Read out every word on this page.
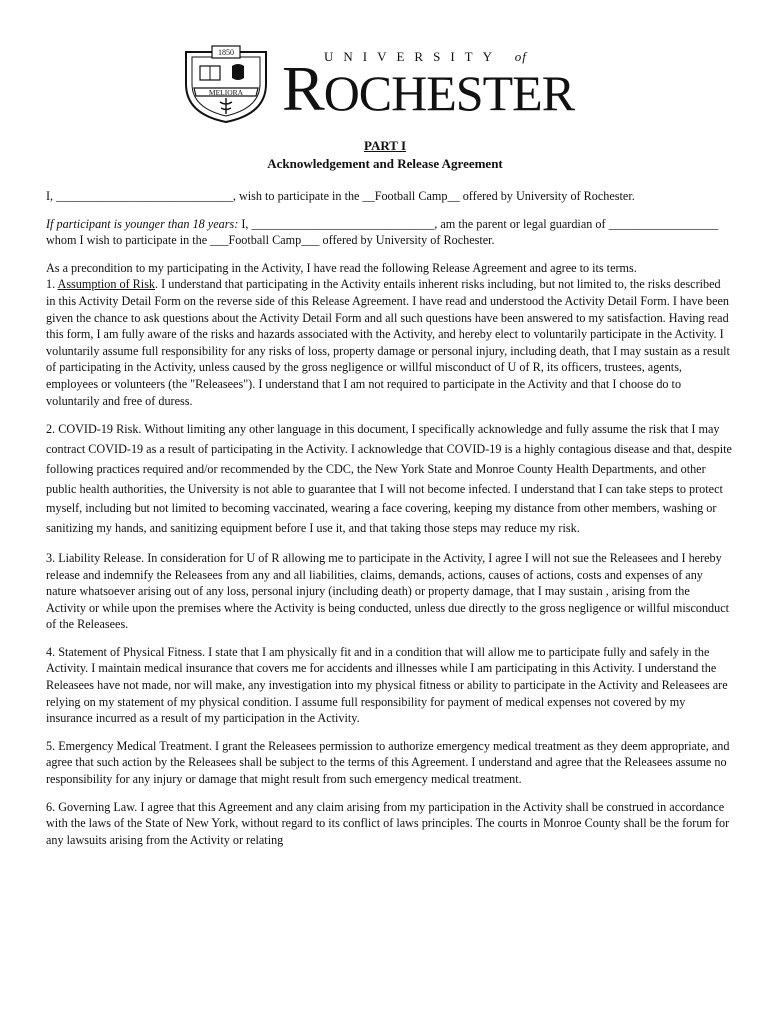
1850
MELIORA
UNIVERSITY of
ROCHESTER
PART I
Acknowledgement and Release Agreement

I, _____________________________, wish to participate in the __Football Camp__ offered by University of Rochester.

If participant is younger than 18 years: I, ______________________________, am the parent or legal guardian of __________________ whom I wish to participate in the ___Football Camp___ offered by University of Rochester.

As a precondition to my participating in the Activity, I have read the following Release Agreement and agree to its terms.

1. Assumption of Risk. I understand that participating in the Activity entails inherent risks including, but not limited to, the risks described in this Activity Detail Form on the reverse side of this Release Agreement. I have read and understood the Activity Detail Form. I have been given the chance to ask questions about the Activity Detail Form and all such questions have been answered to my satisfaction. Having read this form, I am fully aware of the risks and hazards associated with the Activity, and hereby elect to voluntarily participate in the Activity. I voluntarily assume full responsibility for any risks of loss, property damage or personal injury, including death, that I may sustain as a result of participating in the Activity, unless caused by the gross negligence or willful misconduct of U of R, its officers, trustees, agents, employees or volunteers (the "Releasees"). I understand that I am not required to participate in the Activity and that I choose do to voluntarily and free of duress.

2. COVID-19 Risk. Without limiting any other language in this document, I specifically acknowledge and fully assume the risk that I may contract COVID-19 as a result of participating in the Activity. I acknowledge that COVID-19 is a highly contagious disease and that, despite following practices required and/or recommended by the CDC, the New York State and Monroe County Health Departments, and other public health authorities, the University is not able to guarantee that I will not become infected. I understand that I can take steps to protect myself, including but not limited to becoming vaccinated, wearing a face covering, keeping my distance from other members, washing or sanitizing my hands, and sanitizing equipment before I use it, and that taking those steps may reduce my risk.

3. Liability Release. In consideration for U of R allowing me to participate in the Activity, I agree I will not sue the Releasees and I hereby release and indemnify the Releasees from any and all liabilities, claims, demands, actions, causes of actions, costs and expenses of any nature whatsoever arising out of any loss, personal injury (including death) or property damage, that I may sustain , arising from the Activity or while upon the premises where the Activity is being conducted, unless due directly to the gross negligence or willful misconduct of the Releasees.

4. Statement of Physical Fitness. I state that I am physically fit and in a condition that will allow me to participate fully and safely in the Activity. I maintain medical insurance that covers me for accidents and illnesses while I am participating in this Activity. I understand the Releasees have not made, nor will make, any investigation into my physical fitness or ability to participate in the Activity and Releasees are relying on my statement of my physical condition. I assume full responsibility for payment of medical expenses not covered by my insurance incurred as a result of my participation in the Activity.

5. Emergency Medical Treatment. I grant the Releasees permission to authorize emergency medical treatment as they deem appropriate, and agree that such action by the Releasees shall be subject to the terms of this Agreement. I understand and agree that the Releasees assume no responsibility for any injury or damage that might result from such emergency medical treatment.

6. Governing Law. I agree that this Agreement and any claim arising from my participation in the Activity shall be construed in accordance with the laws of the State of New York, without regard to its conflict of laws principles. The courts in Monroe County shall be the forum for any lawsuits arising from the Activity or relating
